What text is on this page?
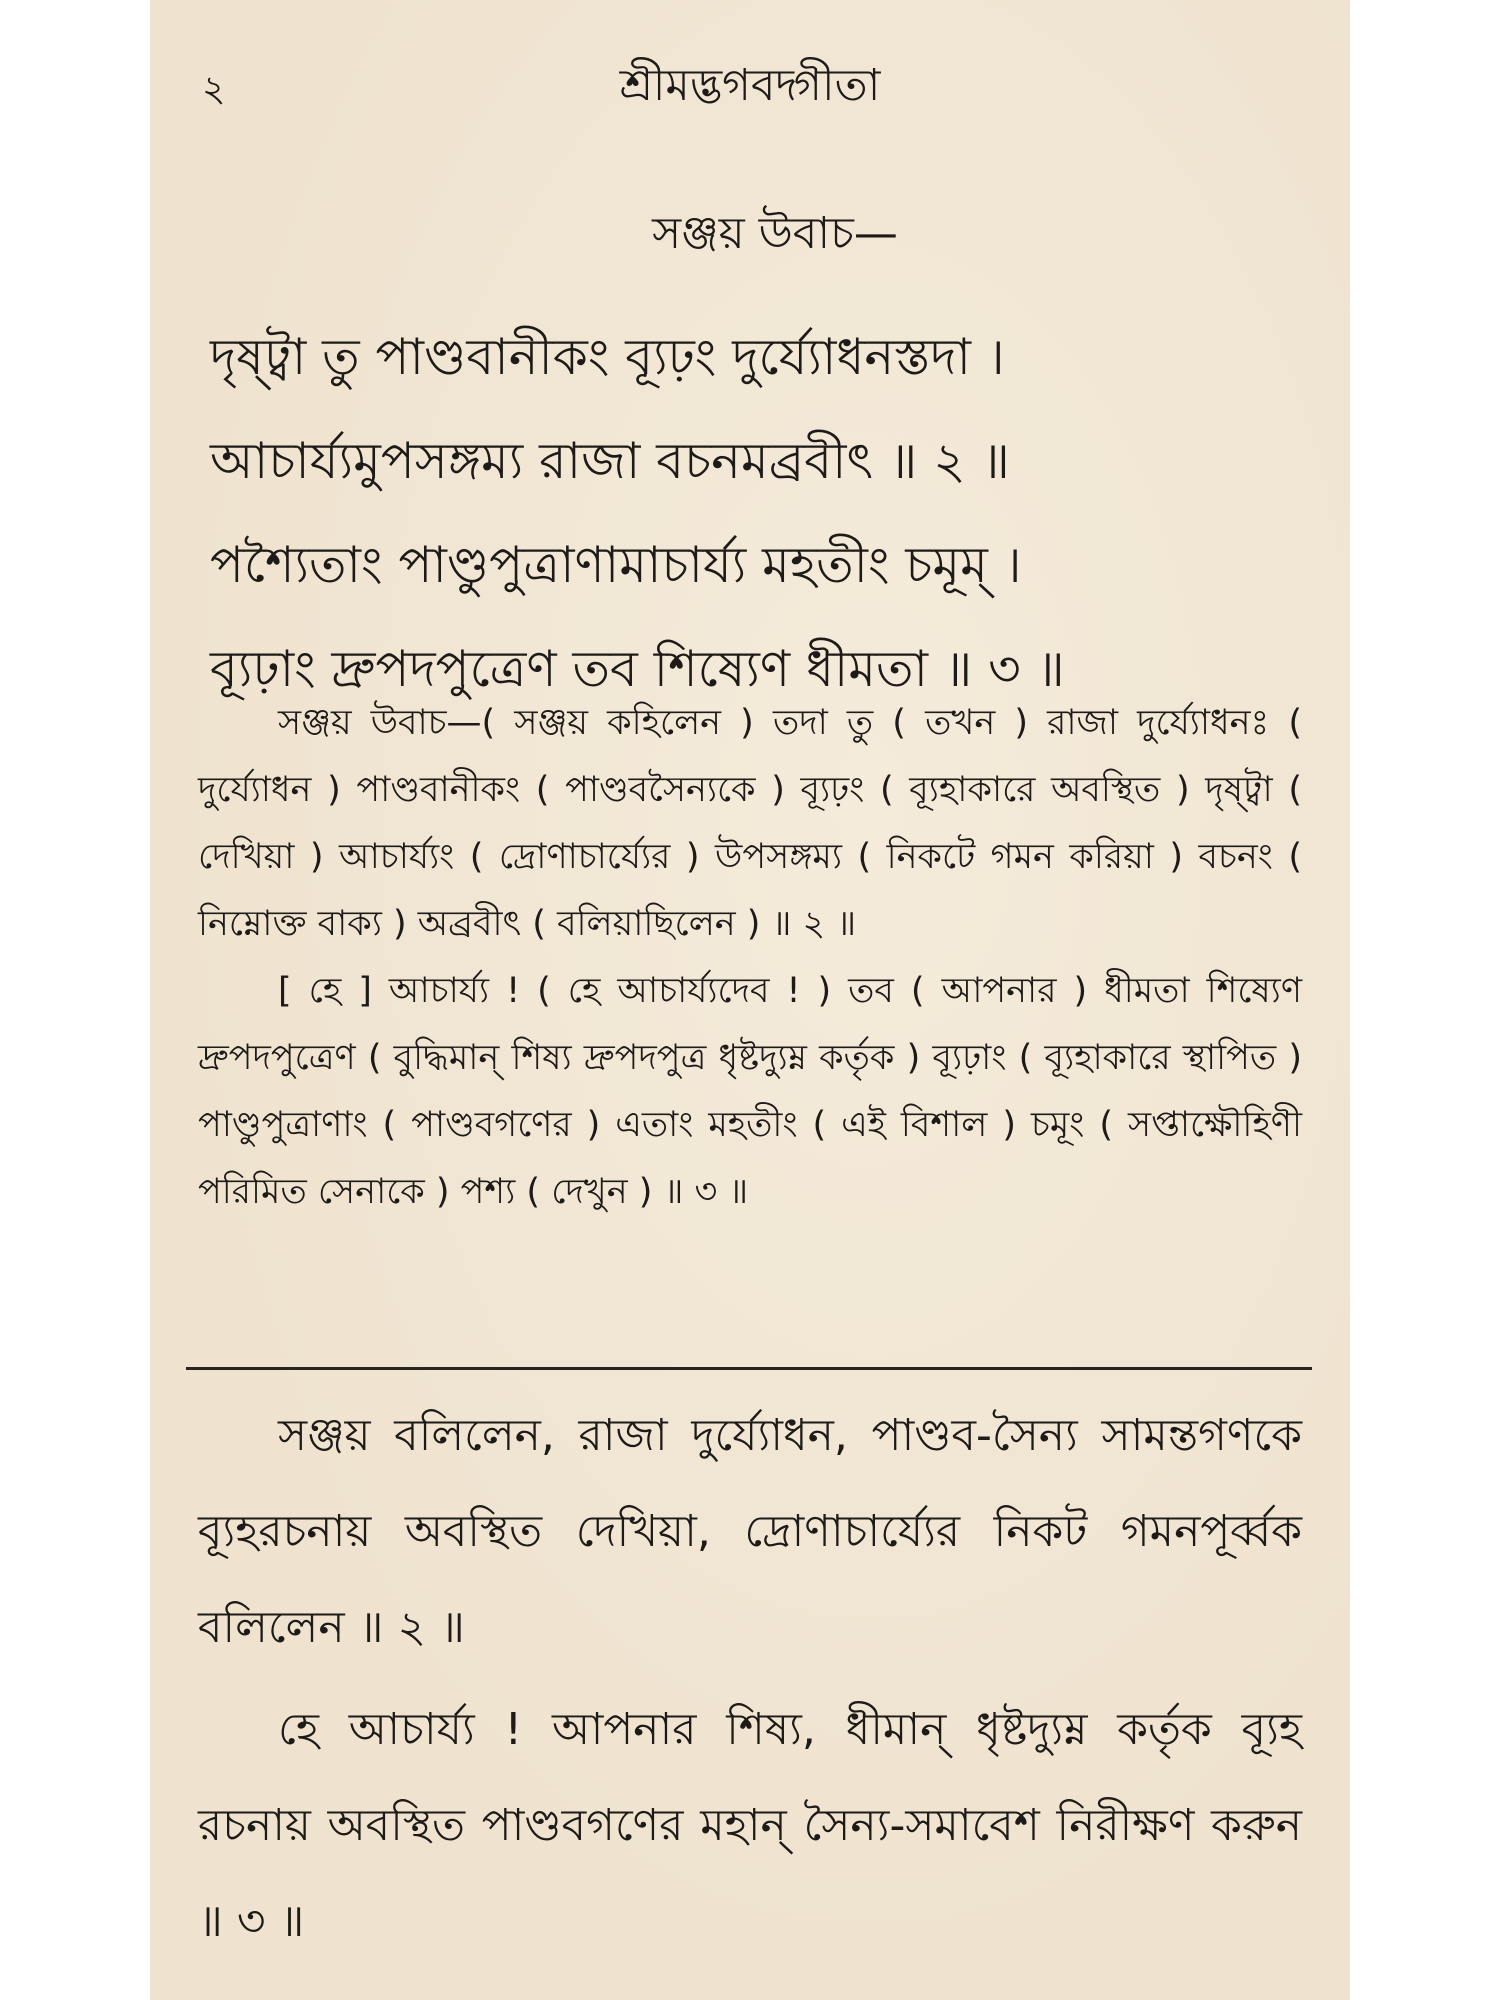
২	শ্রীমদ্ভগবদ্গীতা
সঞ্জয় উবাচ—
দৃষ্ট্বা তু পাণ্ডবানীকং ব্যূঢ়ং দুর্য্যোধনস্তদা ।
আচার্য্যমুপসঙ্গম্য রাজা বচনমব্রবীৎ ॥ ২ ॥
পশ্যৈতাং পাণ্ডুপুত্রাণামাচার্য্য মহতীং চমূম্ ।
ব্যূঢ়াং দ্রুপদপুত্রেণ তব শিষ্যেণ ধীমতা ॥ ৩ ॥

সঞ্জয় উবাচ—( সঞ্জয় কহিলেন ) তদা তু ( তখন ) রাজা দুর্য্যোধনঃ ( দুর্য্যোধন ) পাণ্ডবানীকং ( পাণ্ডবসৈন্যকে ) ব্যূঢ়ং ( ব্যূহাকারে অবস্থিত ) দৃষ্ট্বা ( দেখিয়া ) আচার্য্যং ( দ্রোণাচার্য্যের ) উপসঙ্গম্য ( নিকটে গমন করিয়া ) বচনং ( নিম্নোক্ত বাক্য ) অব্রবীৎ ( বলিয়াছিলেন ) ॥ ২ ॥

[ হে ] আচার্য্য ! ( হে আচার্য্যদেব ! ) তব ( আপনার ) ধীমতা শিষ্যেণ দ্রুপদপুত্রেণ ( বুদ্ধিমান্ শিষ্য দ্রুপদপুত্র ধৃষ্টদ্যুম্ন কর্তৃক ) ব্যূঢ়াং ( ব্যূহাকারে স্থাপিত ) পাণ্ডুপুত্রাণাং ( পাণ্ডবগণের ) এতাং মহতীং ( এই বিশাল ) চমূং ( সপ্তাক্ষৌহিণী পরিমিত সেনাকে ) পশ্য ( দেখুন ) ॥ ৩ ॥

সঞ্জয় বলিলেন, রাজা দুর্য্যোধন, পাণ্ডব-সৈন্য সামন্তগণকে ব্যূহরচনায় অবস্থিত দেখিয়া, দ্রোণাচার্য্যের নিকট গমনপূর্ব্বক বলিলেন ॥ ২ ॥

হে আচার্য্য ! আপনার শিষ্য, ধীমান্ ধৃষ্টদ্যুম্ন কর্তৃক ব্যূহ রচনায় অবস্থিত পাণ্ডবগণের মহান্ সৈন্য-সমাবেশ নিরীক্ষণ করুন ॥ ৩ ॥
